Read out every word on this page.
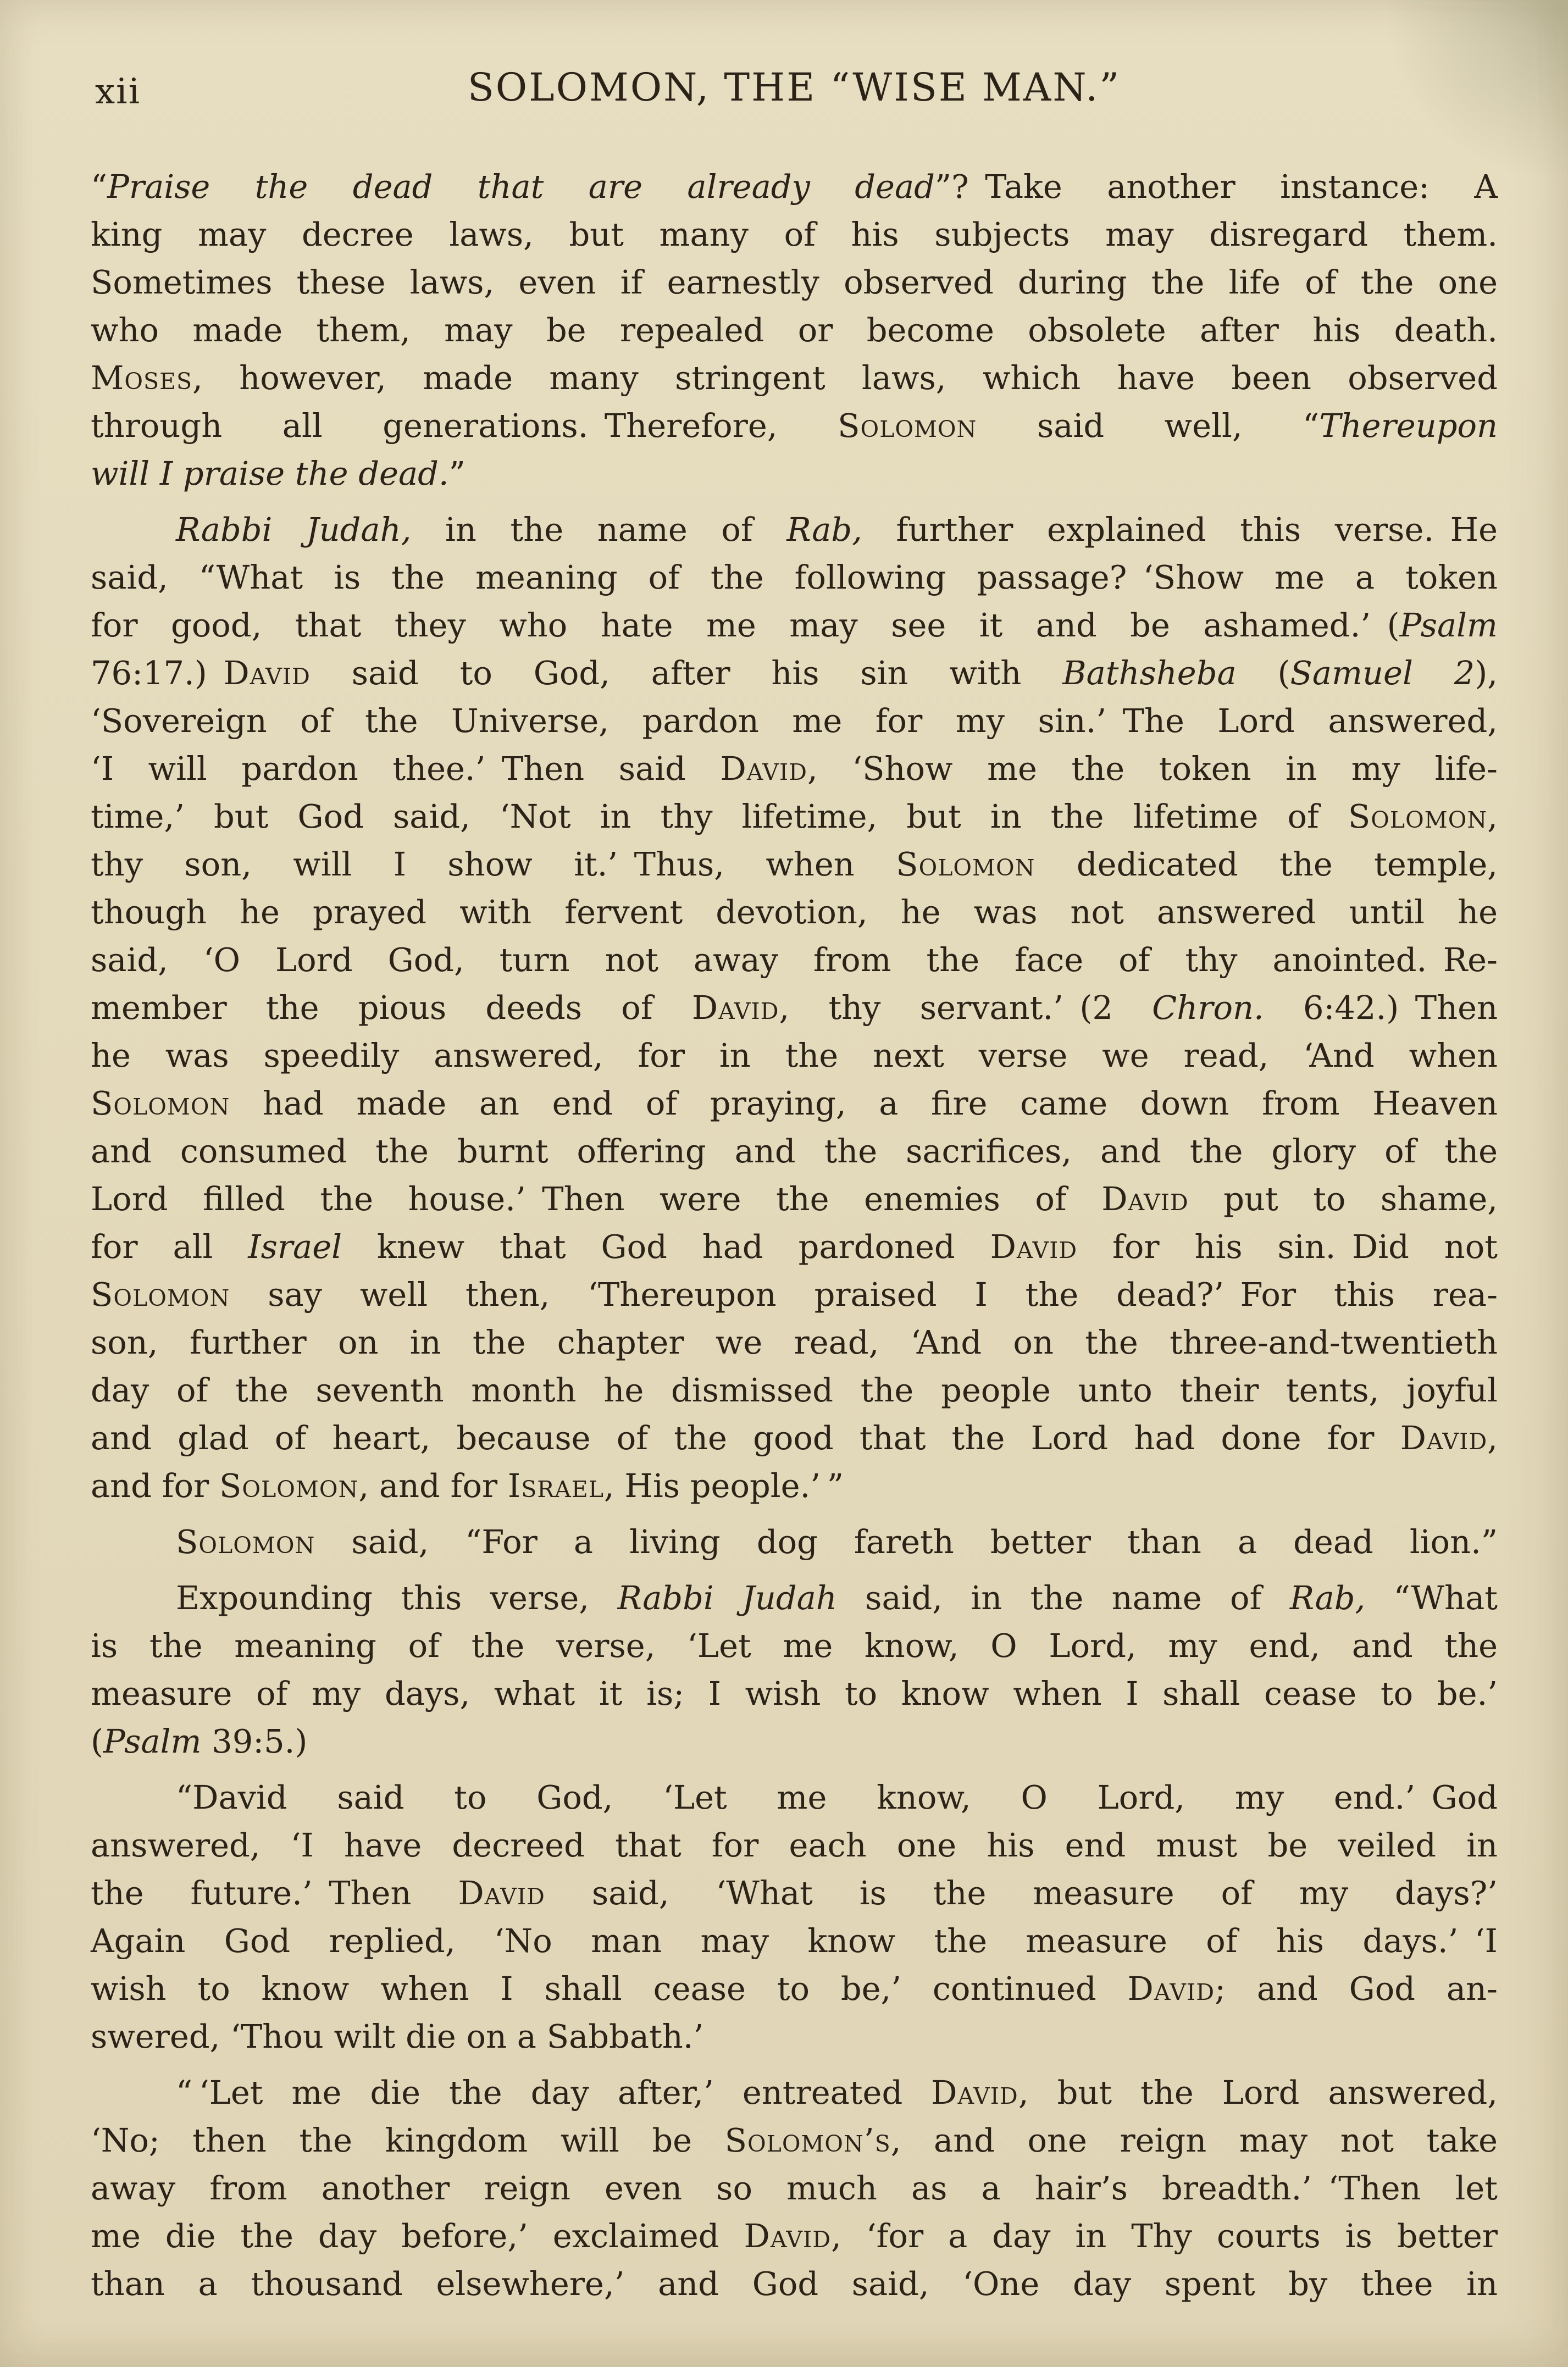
xii	SOLOMON, THE “WISE MAN.”
“Praise the dead that are already dead”? Take another instance: A
king may decree laws, but many of his subjects may disregard them.
Sometimes these laws, even if earnestly observed during the life of the one
who made them, may be repealed or become obsolete after his death.
Moses, however, made many stringent laws, which have been observed
through all generations. Therefore, Solomon said well, “Thereupon
will I praise the dead.”
Rabbi Judah, in the name of Rab, further explained this verse. He
said, “What is the meaning of the following passage? ‘Show me a token
for good, that they who hate me may see it and be ashamed.’ (Psalm
76:17.) David said to God, after his sin with Bathsheba (Samuel 2),
‘Sovereign of the Universe, pardon me for my sin.’ The Lord answered,
‘I will pardon thee.’ Then said David, ‘Show me the token in my life-
time,’ but God said, ‘Not in thy lifetime, but in the lifetime of Solomon,
thy son, will I show it.’ Thus, when Solomon dedicated the temple,
though he prayed with fervent devotion, he was not answered until he
said, ‘O Lord God, turn not away from the face of thy anointed. Re-
member the pious deeds of David, thy servant.’ (2 Chron. 6:42.) Then
he was speedily answered, for in the next verse we read, ‘And when
Solomon had made an end of praying, a fire came down from Heaven
and consumed the burnt offering and the sacrifices, and the glory of the
Lord filled the house.’ Then were the enemies of David put to shame,
for all Israel knew that God had pardoned David for his sin. Did not
Solomon say well then, ‘Thereupon praised I the dead?’ For this rea-
son, further on in the chapter we read, ‘And on the three-and-twentieth
day of the seventh month he dismissed the people unto their tents, joyful
and glad of heart, because of the good that the Lord had done for David,
and for Solomon, and for Israel, His people.’ ”
Solomon said, “For a living dog fareth better than a dead lion.”
Expounding this verse, Rabbi Judah said, in the name of Rab, “What
is the meaning of the verse, ‘Let me know, O Lord, my end, and the
measure of my days, what it is; I wish to know when I shall cease to be.’
(Psalm 39:5.)
“David said to God, ‘Let me know, O Lord, my end.’ God
answered, ‘I have decreed that for each one his end must be veiled in
the future.’ Then David said, ‘What is the measure of my days?’
Again God replied, ‘No man may know the measure of his days.’ ‘I
wish to know when I shall cease to be,’ continued David; and God an-
swered, ‘Thou wilt die on a Sabbath.’
“ ‘Let me die the day after,’ entreated David, but the Lord answered,
‘No; then the kingdom will be Solomon’s, and one reign may not take
away from another reign even so much as a hair’s breadth.’ ‘Then let
me die the day before,’ exclaimed David, ‘for a day in Thy courts is better
than a thousand elsewhere,’ and God said, ‘One day spent by thee in
